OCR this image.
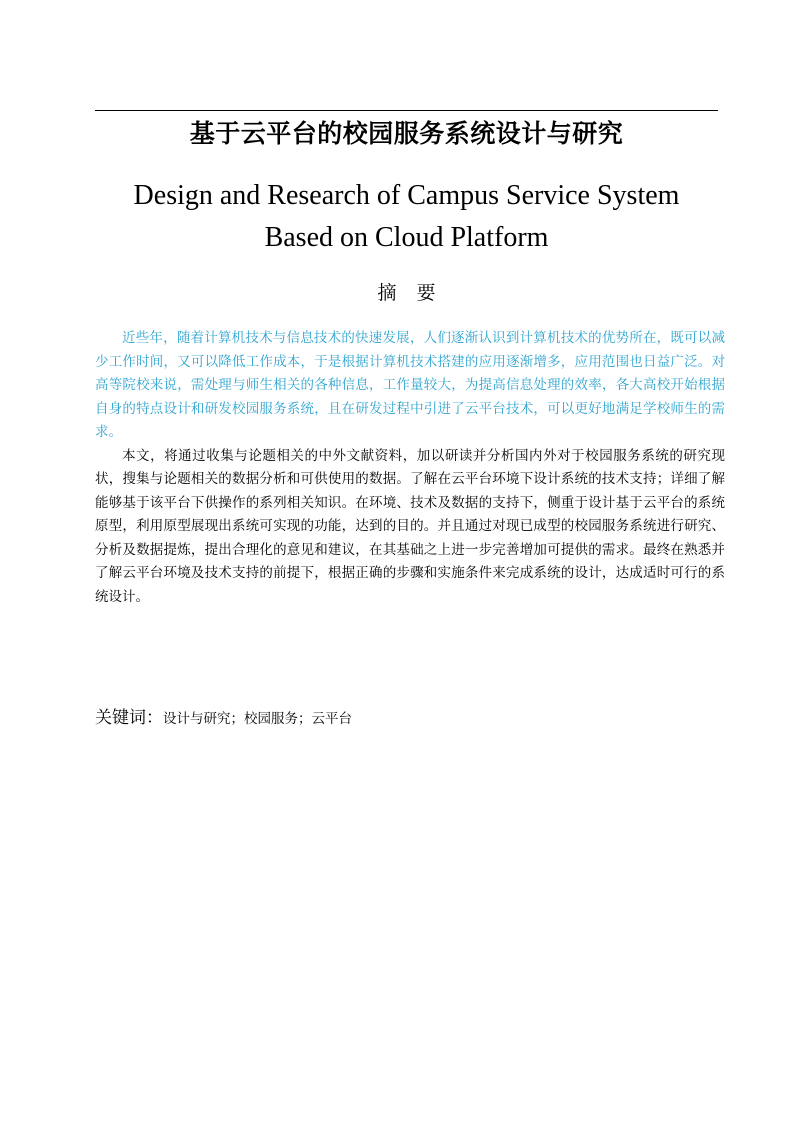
基于云平台的校园服务系统设计与研究
Design and Research of Campus Service System
Based on Cloud Platform
摘 要

近些年，随着计算机技术与信息技术的快速发展，人们逐渐认识到计算机技术的优势所在，既可以减少工作时间，又可以降低工作成本，于是根据计算机技术搭建的应用逐渐增多，应用范围也日益广泛。对高等院校来说，需处理与师生相关的各种信息，工作量较大，为提高信息处理的效率，各大高校开始根据自身的特点设计和研发校园服务系统，且在研发过程中引进了云平台技术，可以更好地满足学校师生的需求。

本文，将通过收集与论题相关的中外文献资料，加以研读并分析国内外对于校园服务系统的研究现状，搜集与论题相关的数据分析和可供使用的数据。了解在云平台环境下设计系统的技术支持；详细了解能够基于该平台下供操作的系列相关知识。在环境、技术及数据的支持下，侧重于设计基于云平台的系统原型，利用原型展现出系统可实现的功能，达到的目的。并且通过对现已成型的校园服务系统进行研究、分析及数据提炼，提出合理化的意见和建议，在其基础之上进一步完善增加可提供的需求。最终在熟悉并了解云平台环境及技术支持的前提下，根据正确的步骤和实施条件来完成系统的设计，达成适时可行的系统设计。

关键词：设计与研究；校园服务；云平台
